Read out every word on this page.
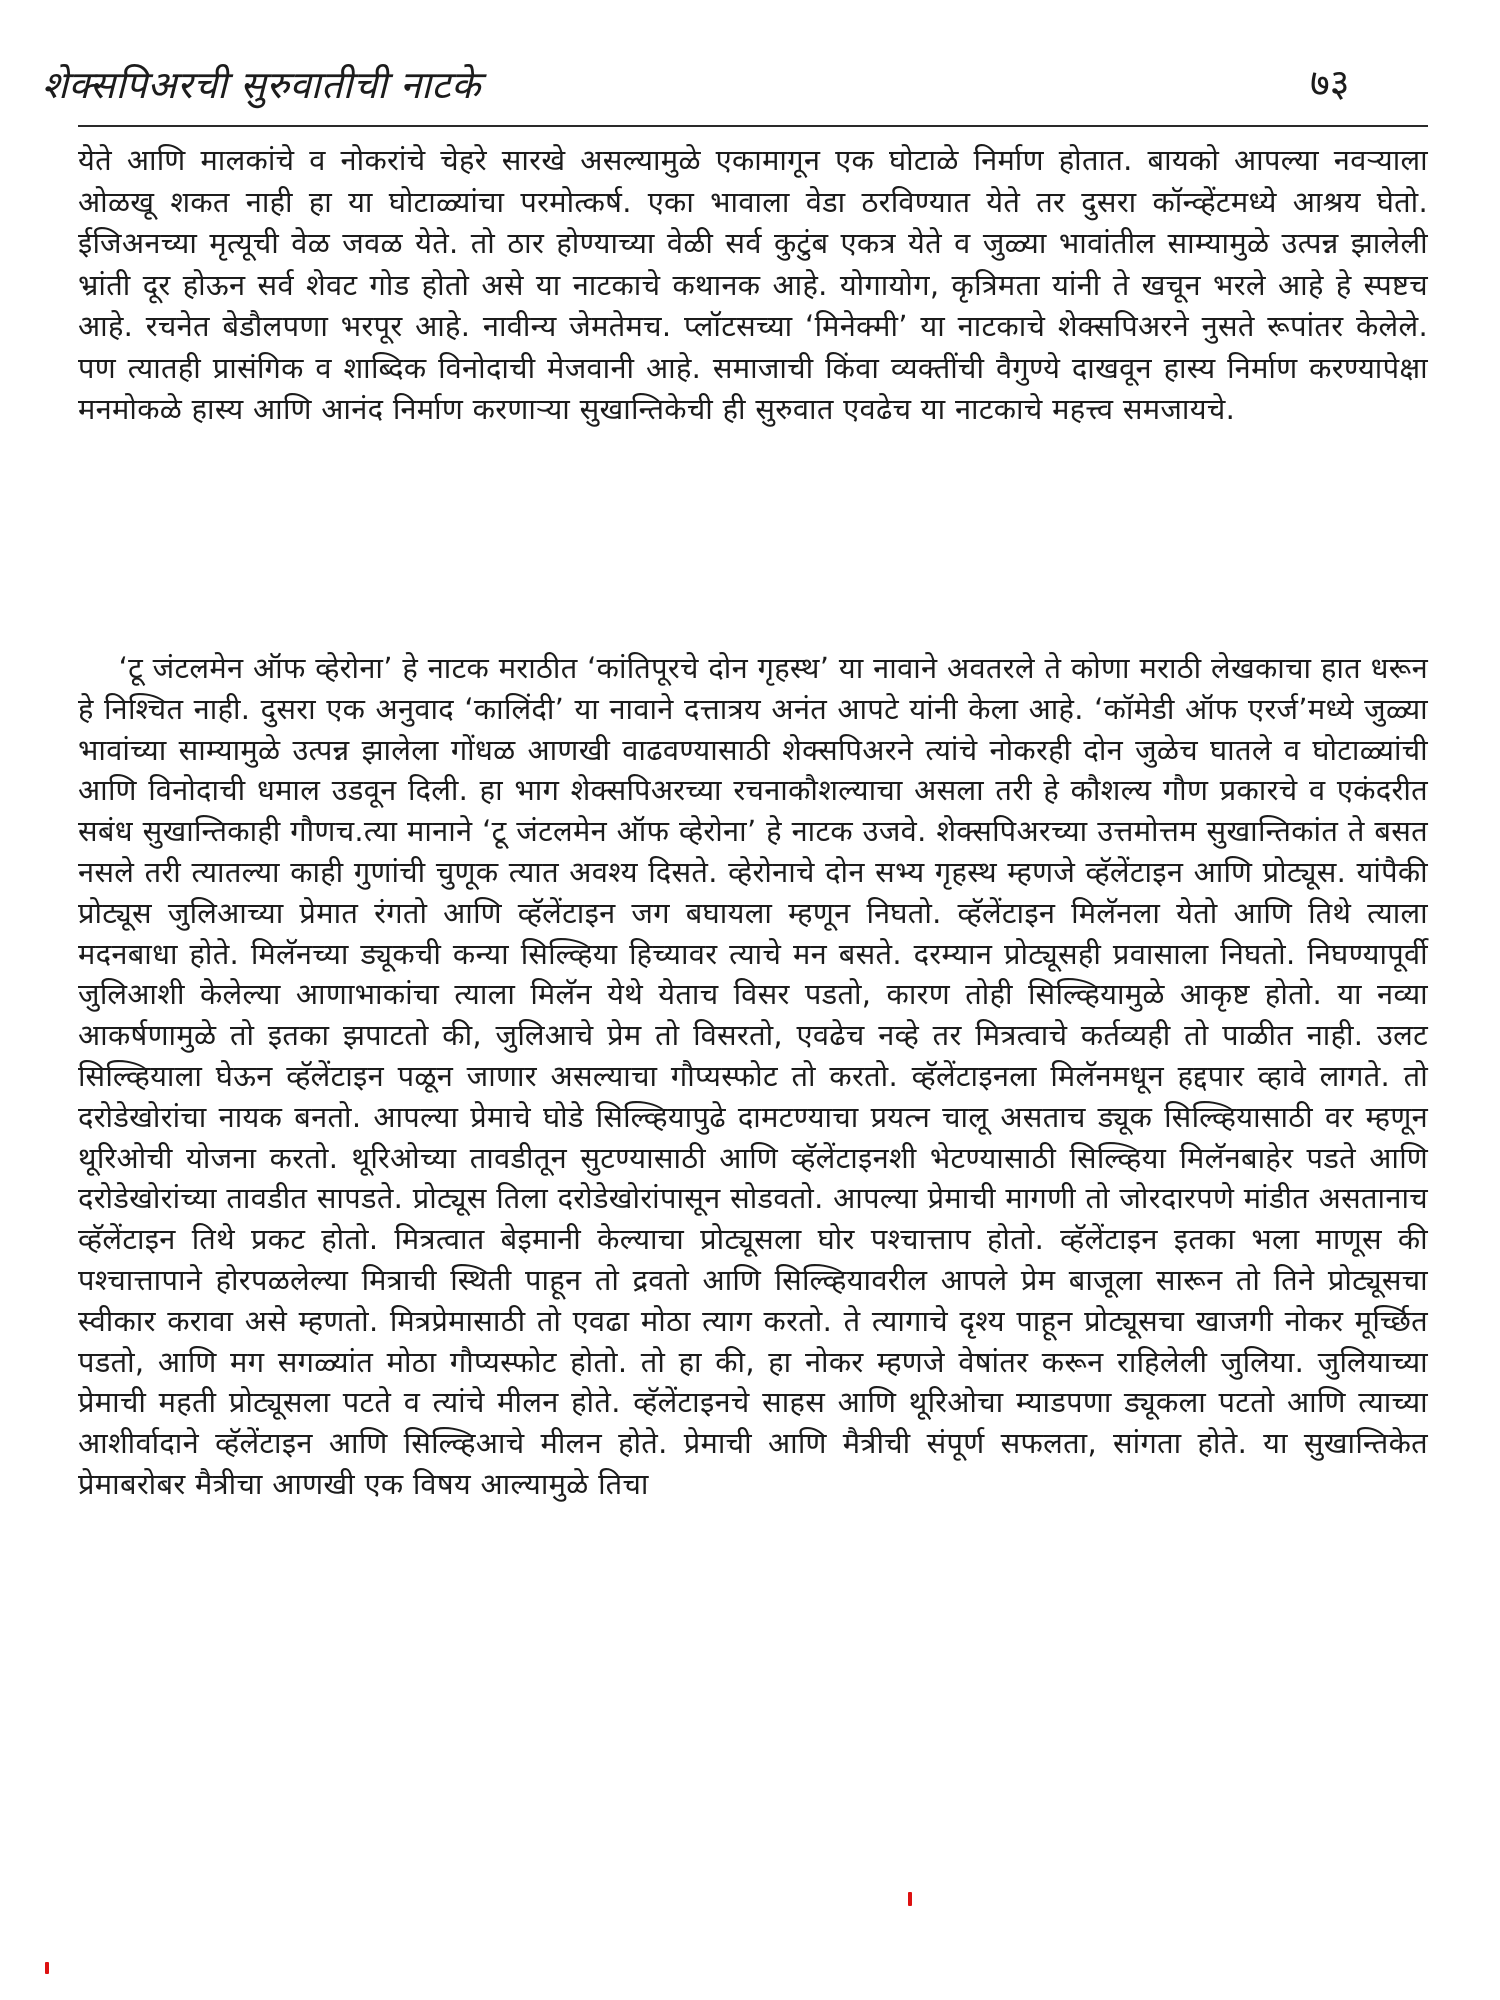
शेक्सपिअरची सुरुवातीची नाटके	७३

येते आणि मालकांचे व नोकरांचे चेहरे सारखे असल्यामुळे एकामागून एक घोटाळे निर्माण होतात. बायको आपल्या नवऱ्याला ओळखू शकत नाही हा या घोटाळ्यांचा परमोत्कर्ष. एका भावाला वेडा ठरविण्यात येते तर दुसरा कॉन्व्हेंटमध्ये आश्रय घेतो. ईजिअनच्या मृत्यूची वेळ जवळ येते. तो ठार होण्याच्या वेळी सर्व कुटुंब एकत्र येते व जुळ्या भावांतील साम्यामुळे उत्पन्न झालेली भ्रांती दूर होऊन सर्व शेवट गोड होतो असे या नाटकाचे कथानक आहे. योगायोग, कृत्रिमता यांनी ते खचून भरले आहे हे स्पष्टच आहे. रचनेत बेडौलपणा भरपूर आहे. नावीन्य जेमतेमच. प्लॉटसच्या ‘मिनेक्मी’ या नाटकाचे शेक्सपिअरने नुसते रूपांतर केलेले. पण त्यातही प्रासंगिक व शाब्दिक विनोदाची मेजवानी आहे. समाजाची किंवा व्यक्तींची वैगुण्ये दाखवून हास्य निर्माण करण्यापेक्षा मनमोकळे हास्य आणि आनंद निर्माण करणाऱ्या सुखान्तिकेची ही सुरुवात एवढेच या नाटकाचे महत्त्व समजायचे.

‘टू जंटलमेन ऑफ व्हेरोना’ हे नाटक मराठीत ‘कांतिपूरचे दोन गृहस्थ’ या नावाने अवतरले ते कोणा मराठी लेखकाचा हात धरून हे निश्चित नाही. दुसरा एक अनुवाद ‘कालिंदी’ या नावाने दत्तात्रय अनंत आपटे यांनी केला आहे. ‘कॉमेडी ऑफ एरर्ज’मध्ये जुळ्या भावांच्या साम्यामुळे उत्पन्न झालेला गोंधळ आणखी वाढवण्यासाठी शेक्सपिअरने त्यांचे नोकरही दोन जुळेच घातले व घोटाळ्यांची आणि विनोदाची धमाल उडवून दिली. हा भाग शेक्सपिअरच्या रचनाकौशल्याचा असला तरी हे कौशल्य गौण प्रकारचे व एकंदरीत सबंध सुखान्तिकाही गौणच.त्या मानाने ‘टू जंटलमेन ऑफ व्हेरोना’ हे नाटक उजवे. शेक्सपिअरच्या उत्तमोत्तम सुखान्तिकांत ते बसत नसले तरी त्यातल्या काही गुणांची चुणूक त्यात अवश्य दिसते. व्हेरोनाचे दोन सभ्य गृहस्थ म्हणजे व्हॅलेंटाइन आणि प्रोट्यूस. यांपैकी प्रोट्यूस जुलिआच्या प्रेमात रंगतो आणि व्हॅलेंटाइन जग बघायला म्हणून निघतो. व्हॅलेंटाइन मिलॅनला येतो आणि तिथे त्याला मदनबाधा होते. मिलॅनच्या ड्यूकची कन्या सिल्व्हिया हिच्यावर त्याचे मन बसते. दरम्यान प्रोट्यूसही प्रवासाला निघतो. निघण्यापूर्वी जुलिआशी केलेल्या आणाभाकांचा त्याला मिलॅन येथे येताच विसर पडतो, कारण तोही सिल्व्हियामुळे आकृष्ट होतो. या नव्या आकर्षणामुळे तो इतका झपाटतो की, जुलिआचे प्रेम तो विसरतो, एवढेच नव्हे तर मित्रत्वाचे कर्तव्यही तो पाळीत नाही. उलट सिल्व्हियाला घेऊन व्हॅलेंटाइन पळून जाणार असल्याचा गौप्यस्फोट तो करतो. व्हॅलेंटाइनला मिलॅनमधून हद्दपार व्हावे लागते. तो दरोडेखोरांचा नायक बनतो. आपल्या प्रेमाचे घोडे सिल्व्हियापुढे दामटण्याचा प्रयत्न चालू असताच ड्यूक सिल्व्हियासाठी वर म्हणून थूरिओची योजना करतो. थूरिओच्या तावडीतून सुटण्यासाठी आणि व्हॅलेंटाइनशी भेटण्यासाठी सिल्व्हिया मिलॅनबाहेर पडते आणि दरोडेखोरांच्या तावडीत सापडते. प्रोट्यूस तिला दरोडेखोरांपासून सोडवतो. आपल्या प्रेमाची मागणी तो जोरदारपणे मांडीत असतानाच व्हॅलेंटाइन तिथे प्रकट होतो. मित्रत्वात बेइमानी केल्याचा प्रोट्यूसला घोर पश्चात्ताप होतो. व्हॅलेंटाइन इतका भला माणूस की पश्चात्तापाने होरपळलेल्या मित्राची स्थिती पाहून तो द्रवतो आणि सिल्व्हियावरील आपले प्रेम बाजूला सारून तो तिने प्रोट्यूसचा स्वीकार करावा असे म्हणतो. मित्रप्रेमासाठी तो एवढा मोठा त्याग करतो. ते त्यागाचे दृश्य पाहून प्रोट्यूसचा खाजगी नोकर मूर्च्छित पडतो, आणि मग सगळ्यांत मोठा गौप्यस्फोट होतो. तो हा की, हा नोकर म्हणजे वेषांतर करून राहिलेली जुलिया. जुलियाच्या प्रेमाची महती प्रोट्यूसला पटते व त्यांचे मीलन होते. व्हॅलेंटाइनचे साहस आणि थूरिओचा म्याडपणा ड्यूकला पटतो आणि त्याच्या आशीर्वादाने व्हॅलेंटाइन आणि सिल्व्हिआचे मीलन होते. प्रेमाची आणि मैत्रीची संपूर्ण सफलता, सांगता होते. या सुखान्तिकेत प्रेमाबरोबर मैत्रीचा आणखी एक विषय आल्यामुळे तिचा
